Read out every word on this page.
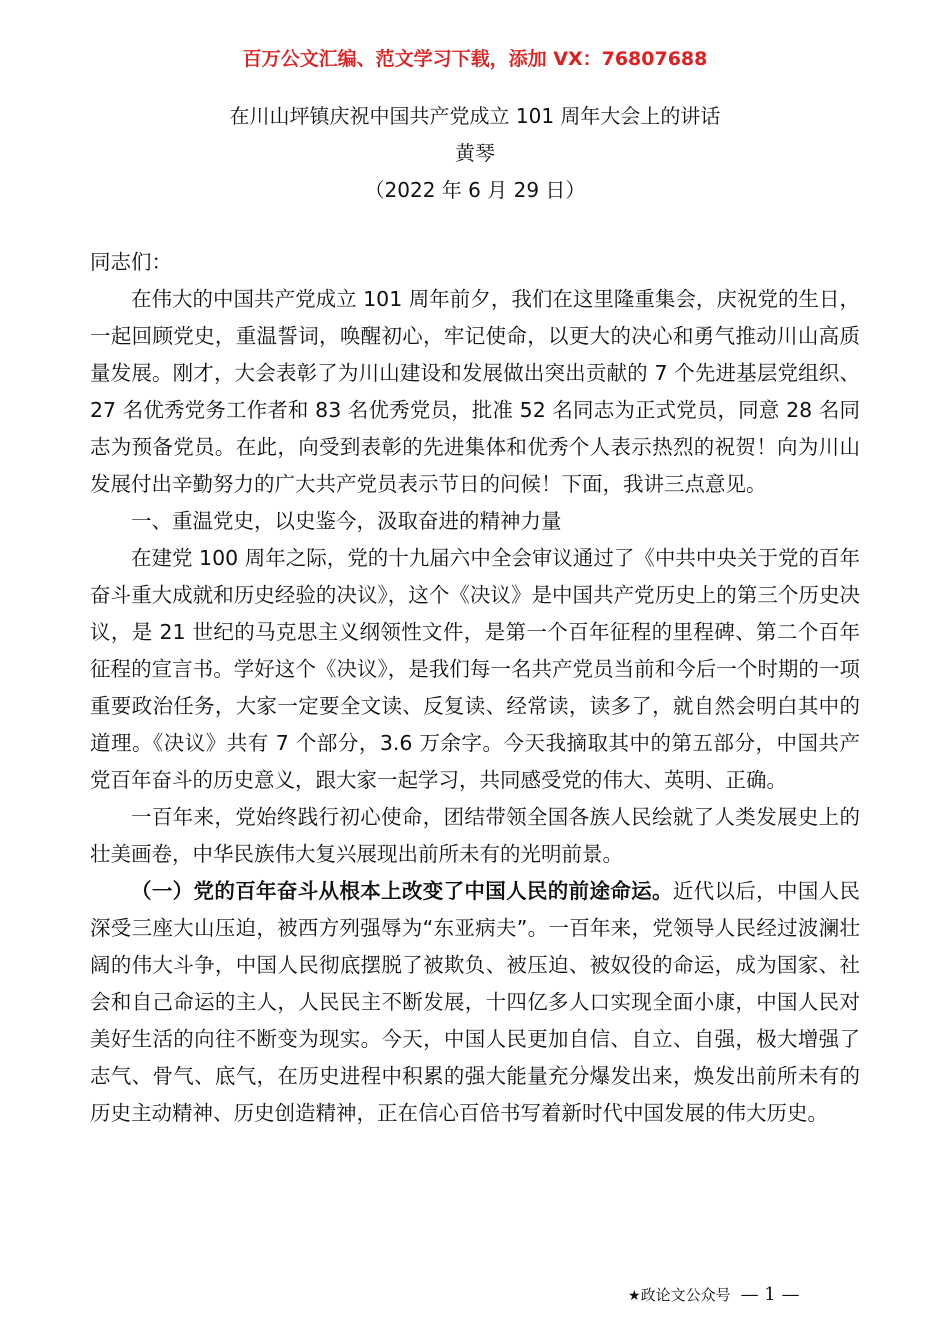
百万公文汇编、范文学习下载，添加 VX：76807688
在川山坪镇庆祝中国共产党成立 101 周年大会上的讲话
黄琴
（2022 年 6 月 29 日）

同志们：

在伟大的中国共产党成立 101 周年前夕，我们在这里隆重集会，庆祝党的生日，一起回顾党史，重温誓词，唤醒初心，牢记使命，以更大的决心和勇气推动川山高质量发展。刚才，大会表彰了为川山建设和发展做出突出贡献的 7 个先进基层党组织、27 名优秀党务工作者和 83 名优秀党员，批准 52 名同志为正式党员，同意 28 名同志为预备党员。在此，向受到表彰的先进集体和优秀个人表示热烈的祝贺！向为川山发展付出辛勤努力的广大共产党员表示节日的问候！下面，我讲三点意见。

一、重温党史，以史鉴今，汲取奋进的精神力量

在建党 100 周年之际，党的十九届六中全会审议通过了《中共中央关于党的百年奋斗重大成就和历史经验的决议》，这个《决议》是中国共产党历史上的第三个历史决议，是 21 世纪的马克思主义纲领性文件，是第一个百年征程的里程碑、第二个百年征程的宣言书。学好这个《决议》，是我们每一名共产党员当前和今后一个时期的一项重要政治任务，大家一定要全文读、反复读、经常读，读多了，就自然会明白其中的道理。《决议》共有 7 个部分，3.6 万余字。今天我摘取其中的第五部分，中国共产党百年奋斗的历史意义，跟大家一起学习，共同感受党的伟大、英明、正确。

一百年来，党始终践行初心使命，团结带领全国各族人民绘就了人类发展史上的壮美画卷，中华民族伟大复兴展现出前所未有的光明前景。

（一）党的百年奋斗从根本上改变了中国人民的前途命运。近代以后，中国人民深受三座大山压迫，被西方列强辱为“东亚病夫”。一百年来，党领导人民经过波澜壮阔的伟大斗争，中国人民彻底摆脱了被欺负、被压迫、被奴役的命运，成为国家、社会和自己命运的主人，人民民主不断发展，十四亿多人口实现全面小康，中国人民对美好生活的向往不断变为现实。今天，中国人民更加自信、自立、自强，极大增强了志气、骨气、底气，在历史进程中积累的强大能量充分爆发出来，焕发出前所未有的历史主动精神、历史创造精神，正在信心百倍书写着新时代中国发展的伟大历史。

★政论文公众号 — 1 —
